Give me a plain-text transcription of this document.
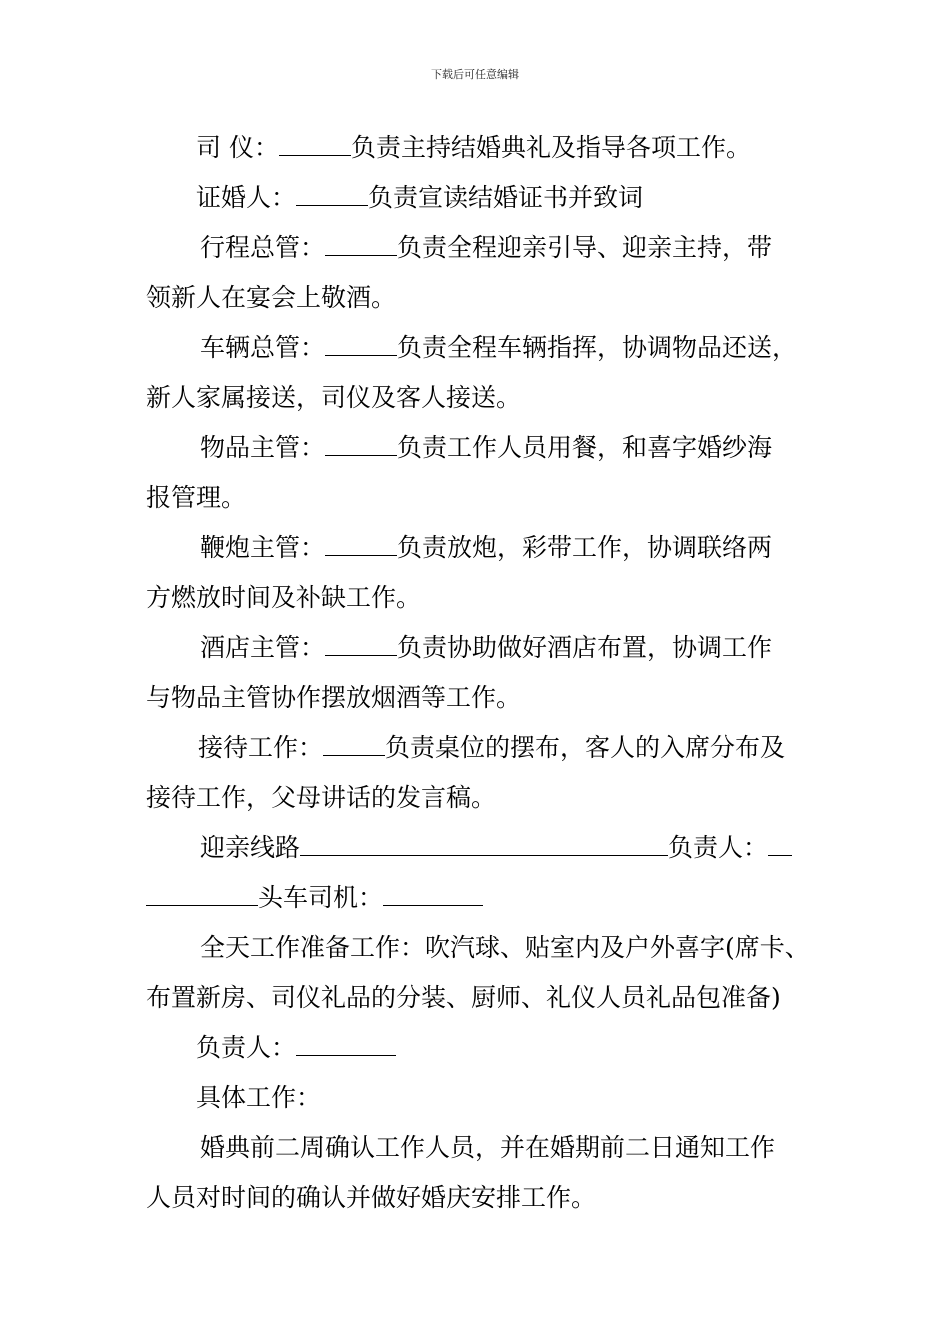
下载后可任意编辑
司 仪：	负责主持结婚典礼及指导各项工作。
证婚人：	负责宣读结婚证书并致词
行程总管：	负责全程迎亲引导、迎亲主持，带
领新人在宴会上敬酒。
车辆总管：	负责全程车辆指挥，协调物品还送，
新人家属接送，司仪及客人接送。
物品主管：	负责工作人员用餐，和喜字婚纱海
报管理。
鞭炮主管：	负责放炮，彩带工作，协调联络两
方燃放时间及补缺工作。
酒店主管：	负责协助做好酒店布置，协调工作
与物品主管协作摆放烟酒等工作。
接待工作： 负责桌位的摆布，客人的入席分布及
接待工作，父母讲话的发言稿。
迎亲线路	负责人：
头车司机：
全天工作准备工作：吹汽球、贴室内及户外喜字(席卡、
布置新房、司仪礼品的分装、厨师、礼仪人员礼品包准备)
负责人：
具体工作：
婚典前二周确认工作人员，并在婚期前二日通知工作
人员对时间的确认并做好婚庆安排工作。
